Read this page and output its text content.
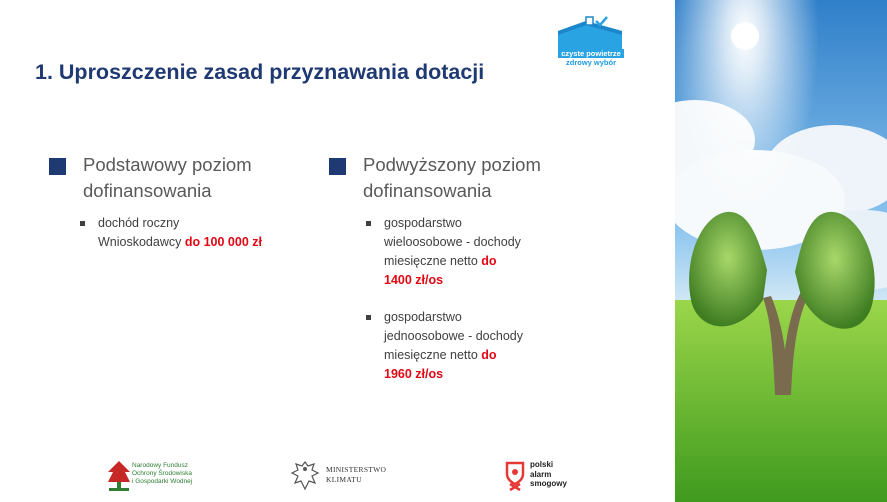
czyste powietrze
zdrowy wybór
1. Uproszczenie zasad przyznawania dotacji
Podstawowy poziom
dofinansowania
dochód roczny
Wnioskodawcy do 100 000 zł
Podwyższony poziom
dofinansowania
gospodarstwo
wieloosobowe - dochody
miesięczne netto do
1400 zł/os
gospodarstwo
jednoosobowe - dochody
miesięczne netto do
1960 zł/os
Narodowy Fundusz
Ochrony Środowiska
i Gospodarki Wodnej
MINISTERSTWO
KLIMATU
polski
alarm
smogowy
